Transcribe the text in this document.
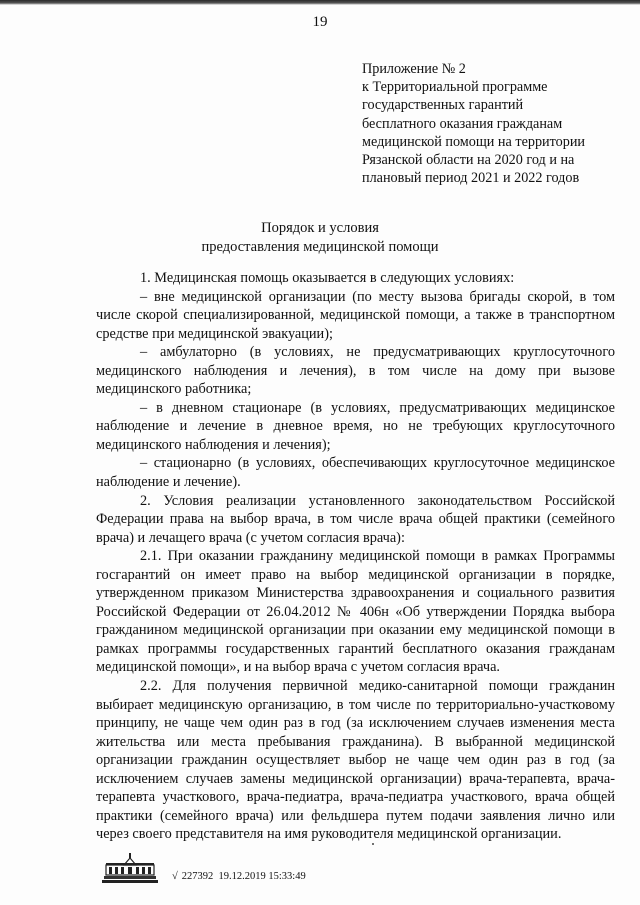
19
Приложение № 2
к Территориальной программе
государственных гарантий
бесплатного оказания гражданам
медицинской помощи на территории
Рязанской области на 2020 год и на
плановый период 2021 и 2022 годов
Порядок и условия
предоставления медицинской помощи

1. Медицинская помощь оказывается в следующих условиях:

– вне медицинской организации (по месту вызова бригады скорой, в том числе скорой специализированной, медицинской помощи, а также в транспортном средстве при медицинской эвакуации);

– амбулаторно (в условиях, не предусматривающих круглосуточного медицинского наблюдения и лечения), в том числе на дому при вызове медицинского работника;

– в дневном стационаре (в условиях, предусматривающих медицинское наблюдение и лечение в дневное время, но не требующих круглосуточного медицинского наблюдения и лечения);

– стационарно (в условиях, обеспечивающих круглосуточное медицинское наблюдение и лечение).

2. Условия реализации установленного законодательством Российской Федерации права на выбор врача, в том числе врача общей практики (семейного врача) и лечащего врача (с учетом согласия врача):

2.1. При оказании гражданину медицинской помощи в рамках Программы госгарантий он имеет право на выбор медицинской организации в порядке, утвержденном приказом Министерства здравоохранения и социального развития Российской Федерации от 26.04.2012 № 406н «Об утверждении Порядка выбора гражданином медицинской организации при оказании ему медицинской помощи в рамках программы государственных гарантий бесплатного оказания гражданам медицинской помощи», и на выбор врача с учетом согласия врача.

2.2. Для получения первичной медико-санитарной помощи гражданин выбирает медицинскую организацию, в том числе по территориально-участковому принципу, не чаще чем один раз в год (за исключением случаев изменения места жительства или места пребывания гражданина). В выбранной медицинской организации гражданин осуществляет выбор не чаще чем один раз в год (за исключением случаев замены медицинской организации) врача-терапевта, врача-терапевта участкового, врача-педиатра, врача-педиатра участкового, врача общей практики (семейного врача) или фельдшера путем подачи заявления лично или через своего представителя на имя руководителя медицинской организации.

√ 227392 19.12.2019 15:33:49
